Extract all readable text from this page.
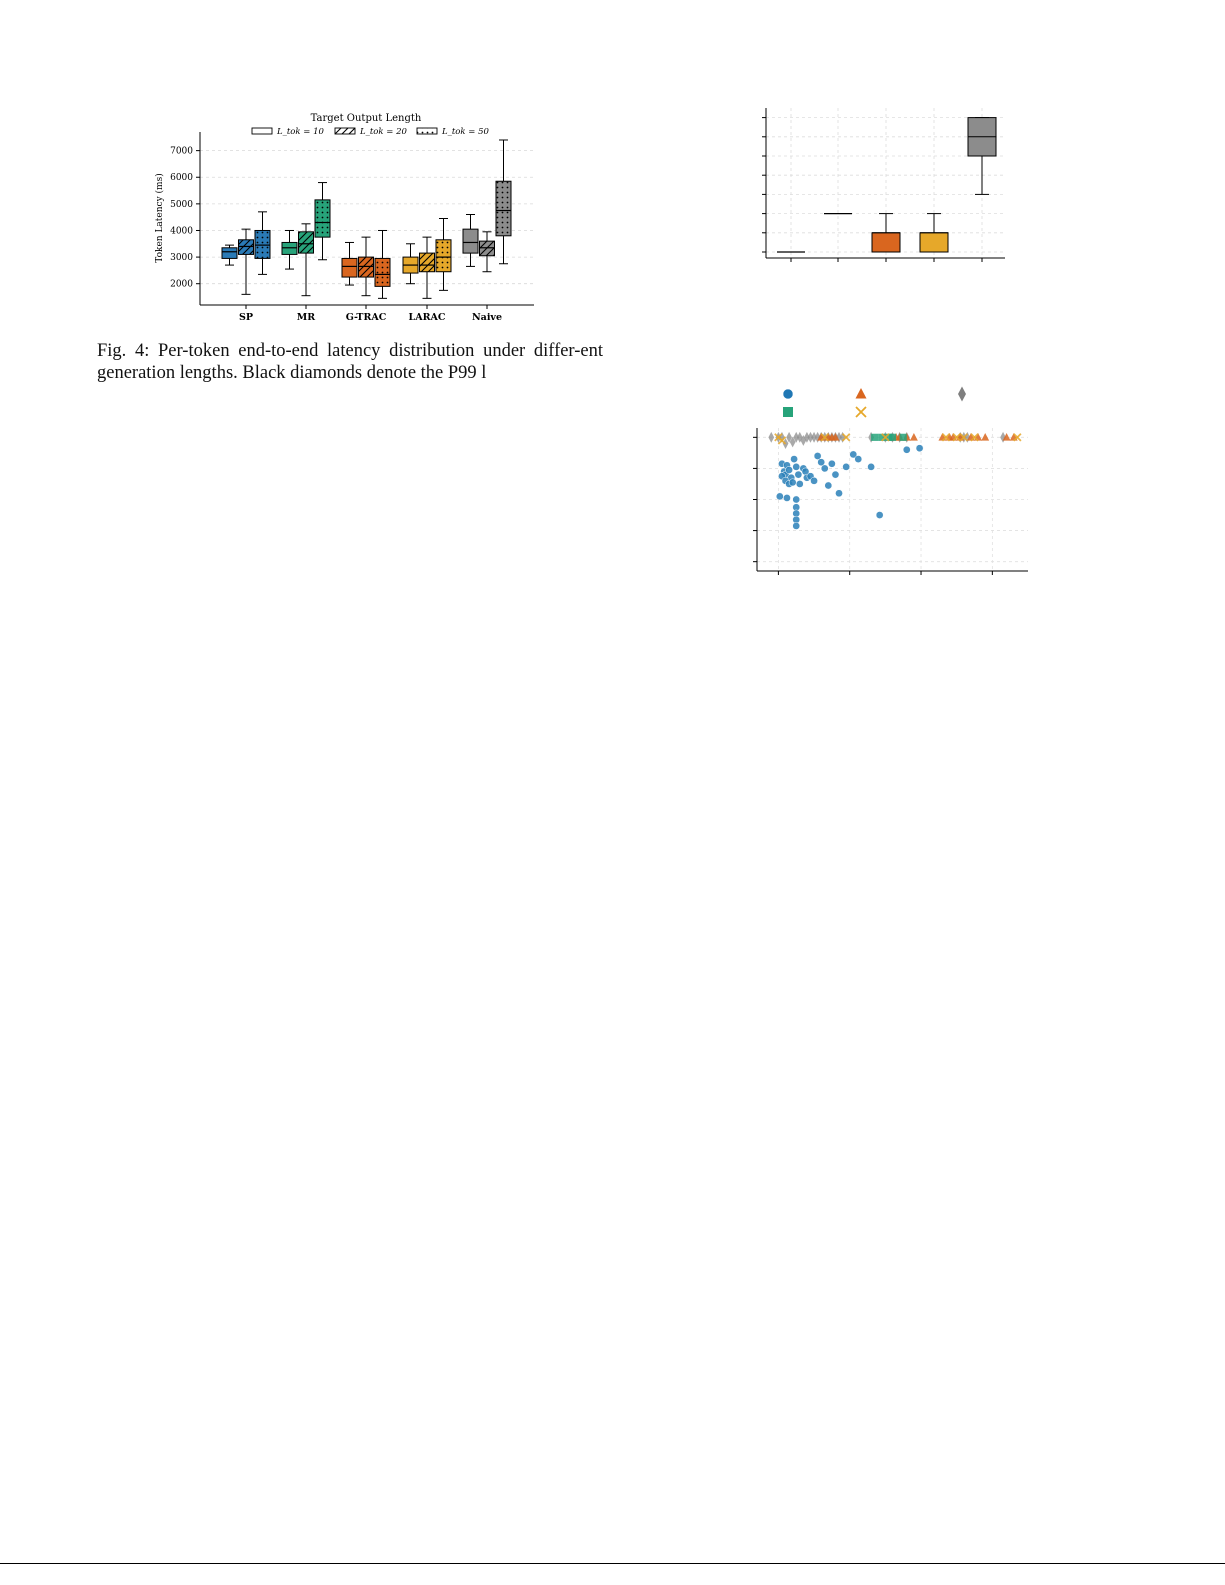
2000
3000
4000
5000
6000
7000
SP	MR	G-TRAC LARAC	Naive
Token Latency (ms)
Target Output Length
L_tok = 10	L_tok = 20	L_tok = 50

Fig. 4: Per-token end-to-end latency distribution under differ-ent generation lengths. Black diamonds denote the P99 l
